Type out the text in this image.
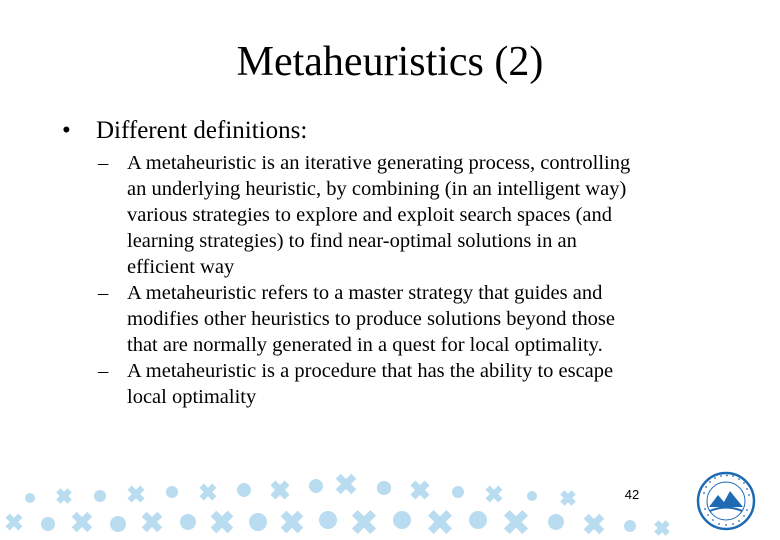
Metaheuristics (2)
• Different definitions:
– A metaheuristic is an iterative generating process, controlling
an underlying heuristic, by combining (in an intelligent way)
various strategies to explore and exploit search spaces (and
learning strategies) to find near-optimal solutions in an
efficient way
– A metaheuristic refers to a master strategy that guides and
modifies other heuristics to produce solutions beyond those
that are normally generated in a quest for local optimality.
– A metaheuristic is a procedure that has the ability to escape
local optimality
42
